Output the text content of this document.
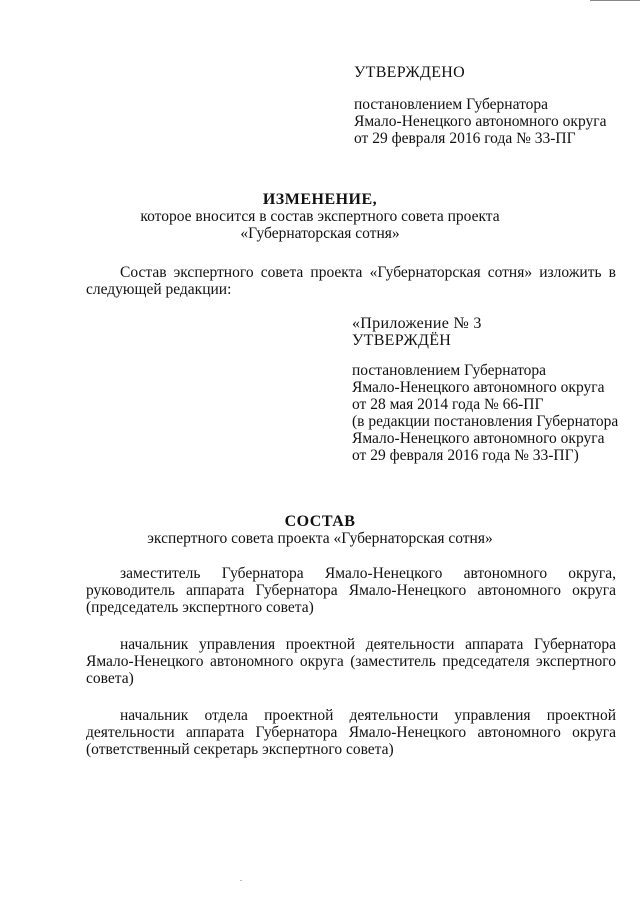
УТВЕРЖДЕНО
постановлением Губернатора
Ямало-Ненецкого автономного округа
от 29 февраля 2016 года № 33-ПГ
ИЗМЕНЕНИЕ,
которое вносится в состав экспертного совета проекта
«Губернаторская сотня»
Состав экспертного совета проекта «Губернаторская сотня» изложить в
следующей редакции:
«Приложение № 3
УТВЕРЖДЁН
постановлением Губернатора
Ямало-Ненецкого автономного округа
от 28 мая 2014 года № 66-ПГ
(в редакции постановления Губернатора
Ямало-Ненецкого автономного округа
от 29 февраля 2016 года № 33-ПГ)
СОСТАВ
экспертного совета проекта «Губернаторская сотня»
заместитель Губернатора Ямало-Ненецкого автономного округа,
руководитель аппарата Губернатора Ямало-Ненецкого автономного округа (председатель экспертного совета)
начальник управления проектной деятельности аппарата Губернатора
Ямало-Ненецкого автономного округа (заместитель председателя экспертного совета)
начальник отдела проектной деятельности управления проектной
деятельности аппарата Губернатора Ямало-Ненецкого автономного округа (ответственный секретарь экспертного совета)
